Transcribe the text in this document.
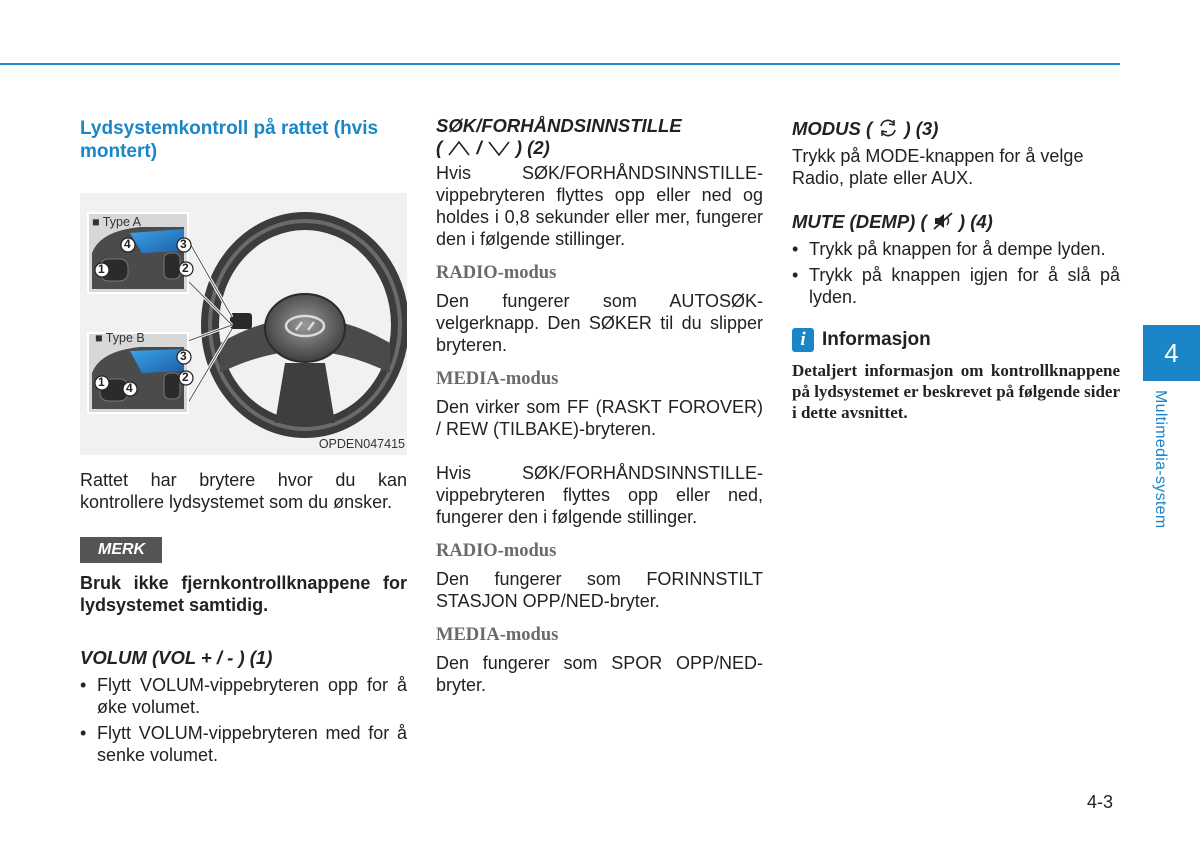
Lydsystemkontroll på rattet (hvis montert)
■ Type A
■ Type B
4	3
1	2
3
2
1 4
OPDEN047415

Rattet har brytere hvor du kan kontrollere lydsystemet som du ønsker.

MERK

Bruk ikke fjernkontrollknappene for lydsystemet samtidig.

VOLUM (VOL + / - ) (1)
• Flytt VOLUM-vippebryteren opp for å øke volumet.
• Flytt VOLUM-vippebryteren med for å senke volumet.
SØK/FORHÅNDSINNSTILLE
(  /  ) (2)

Hvis SØK/FORHÅNDSINNSTILLE-vippebryteren flyttes opp eller ned og holdes i 0,8 sekunder eller mer, fungerer den i følgende stillinger.

RADIO-modus

Den fungerer som AUTOSØK-velgerknapp. Den SØKER til du slipper bryteren.

MEDIA-modus

Den virker som FF (RASKT FOROVER) / REW (TILBAKE)-bryteren.

Hvis SØK/FORHÅNDSINNSTILLE-vippebryteren flyttes opp eller ned, fungerer den i følgende stillinger.

RADIO-modus

Den fungerer som FORINNSTILT STASJON OPP/NED-bryter.

MEDIA-modus

Den fungerer som SPOR OPP/NED-bryter.

MODUS ( ) (3)

Trykk på MODE-knappen for å velge Radio, plate eller AUX.

MUTE (DEMP) ( ) (4)
• Trykk på knappen for å dempe lyden.
• Trykk på knappen igjen for å slå på lyden.
i Informasjon

Detaljert informasjon om kontrollknappene på lydsystemet er beskrevet på følgende sider i dette avsnittet.

4
Multimedia-system
4-3
